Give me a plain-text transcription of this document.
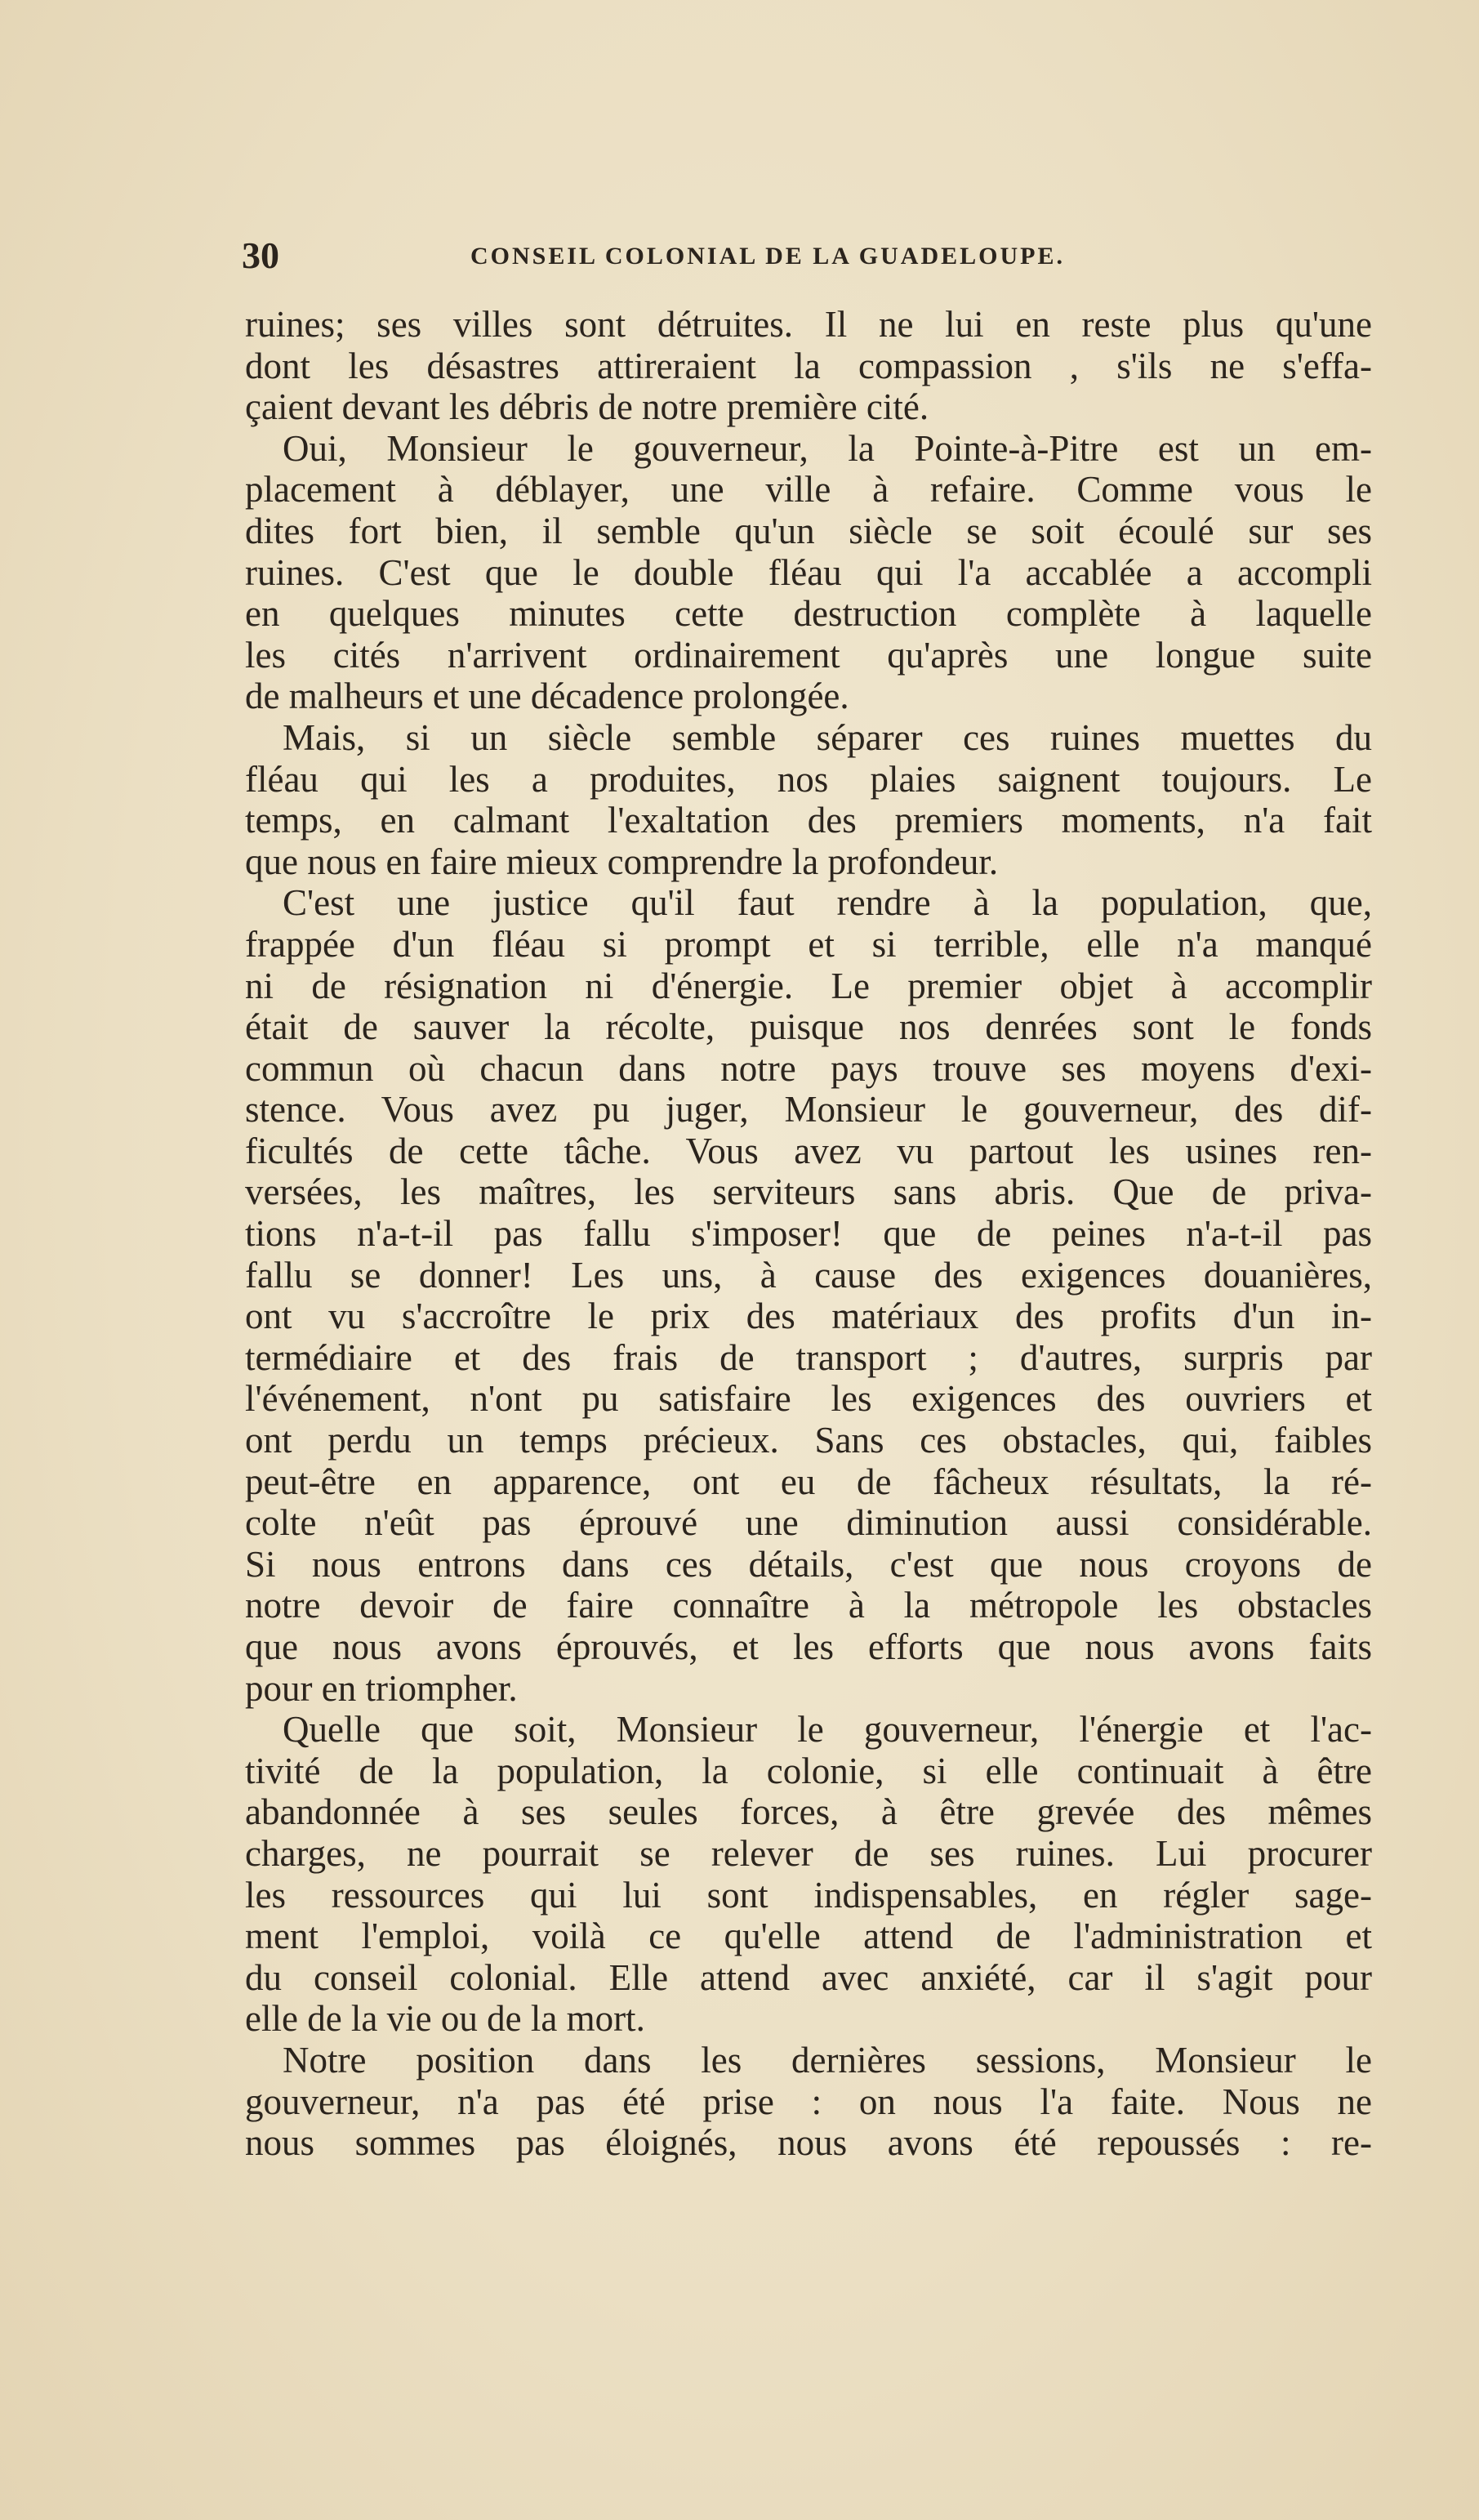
30	CONSEIL COLONIAL DE LA GUADELOUPE.
ruines; ses villes sont détruites. Il ne lui en reste plus qu'une
dont les désastres attireraient la compassion , s'ils ne s'effa-
çaient devant les débris de notre première cité.
Oui, Monsieur le gouverneur, la Pointe-à-Pitre est un em-
placement à déblayer, une ville à refaire. Comme vous le
dites fort bien, il semble qu'un siècle se soit écoulé sur ses
ruines. C'est que le double fléau qui l'a accablée a accompli
en quelques minutes cette destruction complète à laquelle
les cités n'arrivent ordinairement qu'après une longue suite
de malheurs et une décadence prolongée.
Mais, si un siècle semble séparer ces ruines muettes du
fléau qui les a produites, nos plaies saignent toujours. Le
temps, en calmant l'exaltation des premiers moments, n'a fait
que nous en faire mieux comprendre la profondeur.
C'est une justice qu'il faut rendre à la population, que,
frappée d'un fléau si prompt et si terrible, elle n'a manqué
ni de résignation ni d'énergie. Le premier objet à accomplir
était de sauver la récolte, puisque nos denrées sont le fonds
commun où chacun dans notre pays trouve ses moyens d'exi-
stence. Vous avez pu juger, Monsieur le gouverneur, des dif-
ficultés de cette tâche. Vous avez vu partout les usines ren-
versées, les maîtres, les serviteurs sans abris. Que de priva-
tions n'a-t-il pas fallu s'imposer! que de peines n'a-t-il pas
fallu se donner! Les uns, à cause des exigences douanières,
ont vu s'accroître le prix des matériaux des profits d'un in-
termédiaire et des frais de transport ; d'autres, surpris par
l'événement, n'ont pu satisfaire les exigences des ouvriers et
ont perdu un temps précieux. Sans ces obstacles, qui, faibles
peut-être en apparence, ont eu de fâcheux résultats, la ré-
colte n'eût pas éprouvé une diminution aussi considérable.
Si nous entrons dans ces détails, c'est que nous croyons de
notre devoir de faire connaître à la métropole les obstacles
que nous avons éprouvés, et les efforts que nous avons faits
pour en triompher.
Quelle que soit, Monsieur le gouverneur, l'énergie et l'ac-
tivité de la population, la colonie, si elle continuait à être
abandonnée à ses seules forces, à être grevée des mêmes
charges, ne pourrait se relever de ses ruines. Lui procurer
les ressources qui lui sont indispensables, en régler sage-
ment l'emploi, voilà ce qu'elle attend de l'administration et
du conseil colonial. Elle attend avec anxiété, car il s'agit pour
elle de la vie ou de la mort.
Notre position dans les dernières sessions, Monsieur le
gouverneur, n'a pas été prise : on nous l'a faite. Nous ne
nous sommes pas éloignés, nous avons été repoussés : re-
